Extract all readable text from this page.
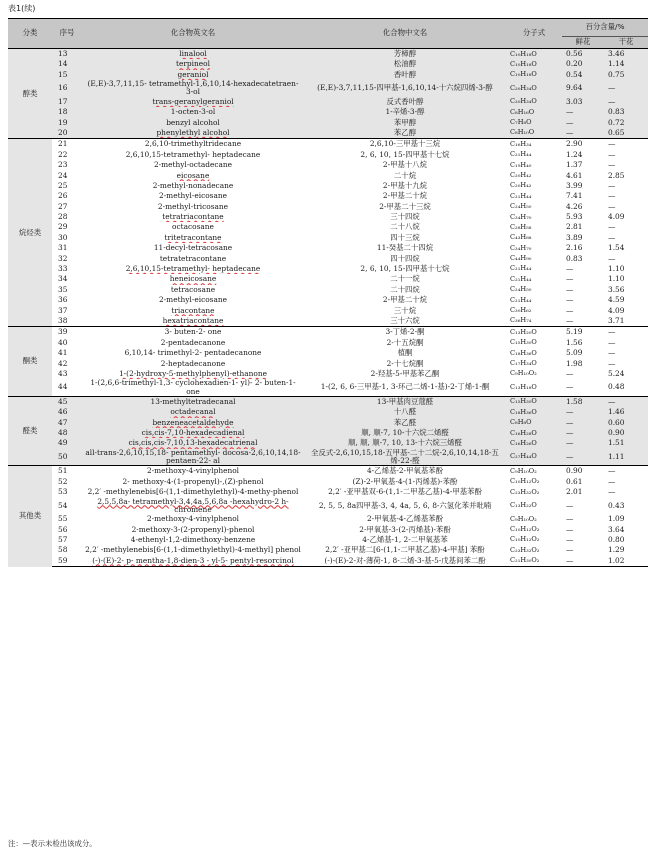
表1(续)
分类	序号	化合物英文名	化合物中文名	分子式	百分含量/%	
					鲜花	干花
醇类	13	linalool	芳樟醇	C₁₀H₁₈O	0.56	3.46
	14	terpineol	松油醇	C₁₀H₁₈O	0.20	1.14
	15	geraniol	香叶醇	C₁₀H₁₈O	0.54	0.75
	16	(E,E)-3,7,11,15- tetramethyl-1,6,10,14-hexadecatetraen-3-ol	(E,E)-3,7,11,15-四甲基-1,6,10,14-十六烷四烯-3-醇	C₂₀H₃₄O	9.64	—
	17	trans-geranylgeraniol	反式香叶醇	C₂₀H₃₄O	3.03	—
	18	1-octen-3-ol	1-辛烯-3-醇	C₈H₁₆O	—	0.83
	19	benzyl alcohol	苯甲醇	C₇H₈O	—	0.72
	20	phenylethyl alcohol	苯乙醇	C₈H₁₀O	—	0.65
烷烃类	21	2,6,10-trimethyltridecane	2,6,10-三甲基十三烷	C₁₆H₃₄	2.90	—
	22	2,6,10,15-tetramethyl- heptadecane	2, 6, 10, 15-四甲基十七烷	C₂₁H₄₄	1.24	—
	23	2-methyl-octadecane	2-甲基十八烷	C₁₉H₄₀	1.37	—
	24	eicosane	二十烷	C₂₀H₄₂	4.61	2.85
	25	2-methyl-nonadecane	2-甲基十九烷	C₂₀H₄₂	3.99	—
	26	2-methyl-eicosane	2-甲基二十烷	C₂₁H₄₄	7.41	—
	27	2-methyl-tricosane	2-甲基二十三烷	C₂₄H₅₀	4.26	—
	28	tetratriacontane	三十四烷	C₃₄H₇₀	5.93	4.09
	29	octacosane	二十八烷	C₂₈H₅₈	2.81	—
	30	tritetracontane	四十三烷	C₄₃H₈₈	3.89	—
	31	11-decyl-tetracosane	11-癸基二十四烷	C₃₄H₇₀	2.16	1.54
	32	tetratetracontane	四十四烷	C₄₄H₉₀	0.83	—
	33	2,6,10,15-tetramethyl- heptadecane	2, 6, 10, 15-四甲基十七烷	C₂₁H₄₄	—	1.10
	34	heneicosane	二十一烷	C₂₁H₄₄	—	1.10
	35	tetracosane	二十四烷	C₂₄H₅₀	—	3.56
	36	2-methyl-eicosane	2-甲基二十烷	C₂₁H₄₄	—	4.59
	37	triacontane	三十烷	C₃₀H₆₂	—	4.09
	38	hexatriacontane	三十六烷	C₃₆H₇₄	—	3.71
酮类	39	3- buten-2- one	3-丁烯-2-酮	C₁₃H₂₀O	5.19	—
	40	2-pentadecanone	2-十五烷酮	C₁₅H₃₀O	1.56	—
	41	6,10,14- trimethyl-2- pentadecanone	植酮	C₁₈H₃₆O	5.09	—
	42	2-heptadecanone	2-十七烷酮	C₁₇H₃₄O	1.98	—
	43	1-(2-hydroxy-5-methylphenyl)-ethanone	2-羟基-5-甲基苯乙酮	C₉H₁₀O₂	—	5.24
	44	1-(2,6,6-trimethyl-1,3- cyclohexadien-1- yl)- 2- buten-1- one	1-(2, 6, 6-三甲基-1, 3-环己二烯-1-基)-2-丁烯-1-酮	C₁₃H₁₈O	—	0.48
醛类	45	13-methyltetradecanal	13-甲基肉豆蔻醛	C₁₅H₃₀O	1.58	—
	46	octadecanal	十八醛	C₁₈H₃₆O	—	1.46
	47	benzeneacetaldehyde	苯乙醛	C₈H₈O	—	0.60
	48	cis,cis-7,10-hexadecadienal	顺, 顺-7, 10-十六烷二烯醛	C₁₆H₂₈O	—	0.90
	49	cis,cis,cis-7,10,13-hexadecatrienal	顺, 顺, 顺-7, 10, 13-十六烷三烯醛	C₁₆H₂₆O	—	1.51
	50	all-trans-2,6,10,15,18- pentamethyl- docosa-2,6,10,14,18-pentaen-22- al	全反式-2,6,10,15,18-五甲基-二十二烷-2,6,10,14,18-五烯-22-醛	C₂₇H₄₄O	—	1.11
其他类	51	2-methoxy-4-vinylphenol	4-乙烯基-2-甲氧基苯酚	C₉H₁₀O₂	0.90	—
	52	2- methoxy-4-(1-propenyl)-,(Z)-phenol	(Z)-2-甲氧基-4-(1-丙烯基)-苯酚	C₁₀H₁₂O₂	0.61	—
	53	2,2′ -methylenebis[6-(1,1-dimethylethyl)-4-methy-phenol	2,2′ -亚甲基双-6-(1,1-二甲基乙基)-4-甲基苯酚	C₂₃H₃₂O₂	2.01	—
	54	2,5,5,8a- tetramethyl-3,4,4a,5,6,8a -hexahydro-2 h-chromene	2, 5, 5, 8a四甲基-3, 4, 4a, 5, 6, 8-六氢化苯并吡喃	C₁₃H₂₂O	—	0.43
	55	2-methoxy-4-vinylphenol	2-甲氧基-4-乙烯基苯酚	C₉H₁₀O₂	—	1.09
	56	2-methoxy-3-(2-propenyl)-phenol	2-甲氧基-3-(2-丙烯基)-苯酚	C₁₀H₁₂O₂	—	3.64
	57	4-ethenyl-1,2-dimethoxy-benzene	4-乙烯基-1, 2-二甲氧基苯	C₁₀H₁₂O₂	—	0.80
	58	2,2′ -methylenebis[6-(1,1-dimethylethyl)-4-methyl] phenol	2,2′ -亚甲基二[6-(1,1-二甲基乙基)-4-甲基] 苯酚	C₂₃H₃₂O₂	—	1.29
	59	(-)-(E)-2- p- mentha-1,8-dien-3 - yl-5- pentyl-resorcinol	(-)-(E)-2-对-薄荷-1, 8-二烯-3-基-5-戊基间苯二酚	C₂₁H₃₀O₂	—	1.02
注：—表示未检出该成分。
